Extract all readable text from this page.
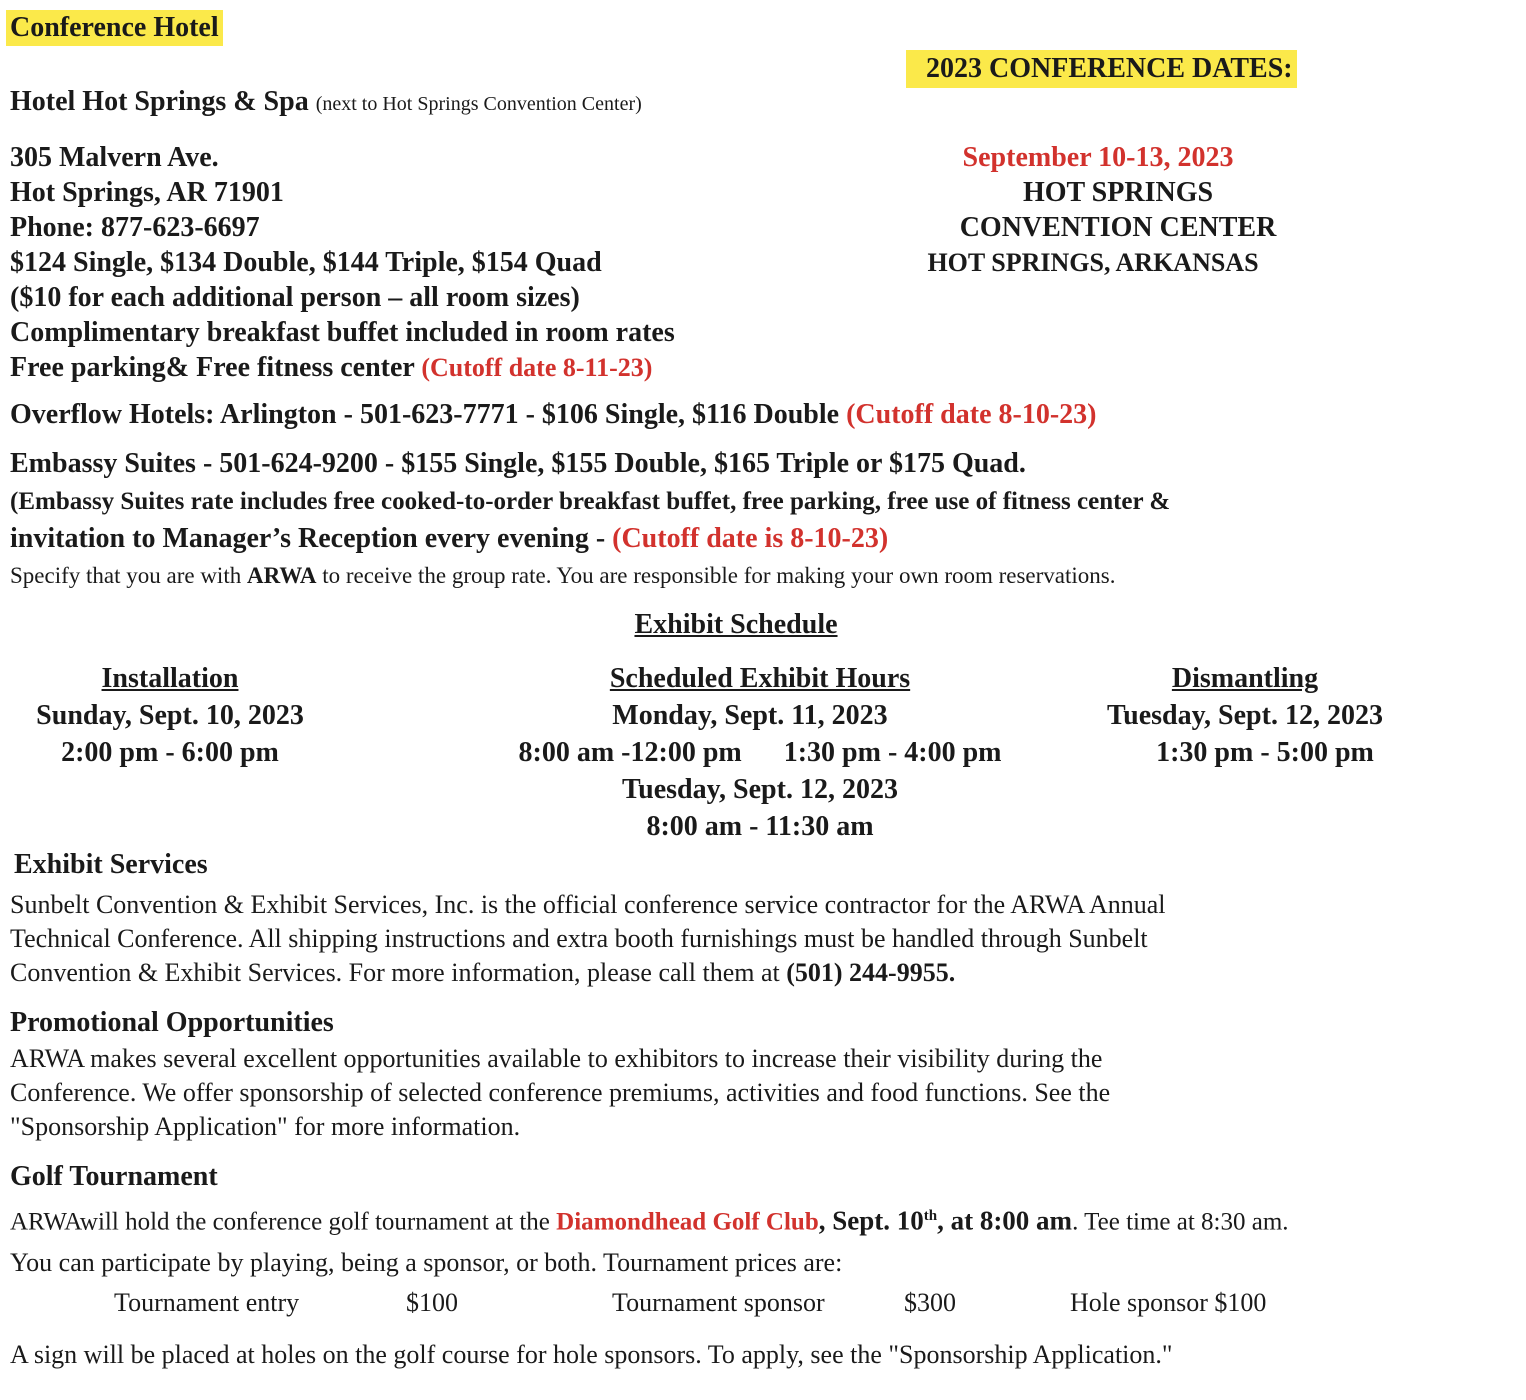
Conference Hotel
2023 CONFERENCE DATES:
Hotel Hot Springs & Spa (next to Hot Springs Convention Center)
305 Malvern Ave.
Hot Springs, AR 71901
Phone: 877-623-6697
$124 Single, $134 Double, $144 Triple, $154 Quad
($10 for each additional person – all room sizes)
Complimentary breakfast buffet included in room rates
Free parking& Free fitness center (Cutoff date 8-11-23)
September 10-13, 2023
HOT SPRINGS
CONVENTION CENTER
HOT SPRINGS, ARKANSAS
Overflow Hotels: Arlington - 501-623-7771 - $106 Single, $116 Double (Cutoff date 8-10-23)
Embassy Suites - 501-624-9200 - $155 Single, $155 Double, $165 Triple or $175 Quad.
(Embassy Suites rate includes free cooked-to-order breakfast buffet, free parking, free use of fitness center &
invitation to Manager’s Reception every evening - (Cutoff date is 8-10-23)
Specify that you are with ARWA to receive the group rate. You are responsible for making your own room reservations.
Exhibit Schedule
Installation
Sunday, Sept. 10, 2023
2:00 pm - 6:00 pm
Scheduled Exhibit Hours
Monday, Sept. 11, 2023
8:00 am -12:00 pm 1:30 pm - 4:00 pm
Tuesday, Sept. 12, 2023
8:00 am - 11:30 am
Dismantling
Tuesday, Sept. 12, 2023
1:30 pm - 5:00 pm
Exhibit Services
Sunbelt Convention & Exhibit Services, Inc. is the official conference service contractor for the ARWA Annual
Technical Conference. All shipping instructions and extra booth furnishings must be handled through Sunbelt
Convention & Exhibit Services. For more information, please call them at (501) 244-9955.
Promotional Opportunities
ARWA makes several excellent opportunities available to exhibitors to increase their visibility during the
Conference. We offer sponsorship of selected conference premiums, activities and food functions. See the
"Sponsorship Application" for more information.
Golf Tournament
ARWAwill hold the conference golf tournament at the Diamondhead Golf Club, Sept. 10th, at 8:00 am. Tee time at 8:30 am.
You can participate by playing, being a sponsor, or both. Tournament prices are:
Tournament entry	$100	Tournament sponsor	$300	Hole sponsor $100
A sign will be placed at holes on the golf course for hole sponsors. To apply, see the "Sponsorship Application."
